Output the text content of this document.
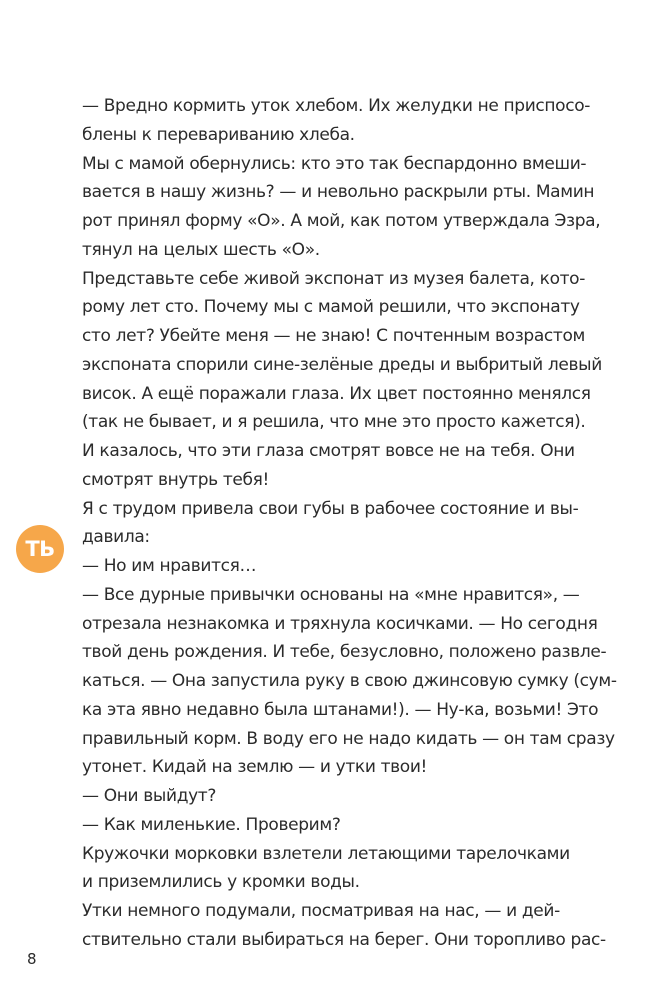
— Вредно кормить уток хлебом. Их желудки не приспосо-
блены к перевариванию хлеба.
Мы с мамой обернулись: кто это так беспардонно вмеши-
вается в нашу жизнь? — и невольно раскрыли рты. Мамин
рот принял форму «О». А мой, как потом утверждала Эзра,
тянул на целых шесть «О».
Представьте себе живой экспонат из музея балета, кото-
рому лет сто. Почему мы с мамой решили, что экспонату
сто лет? Убейте меня — не знаю! С почтенным возрастом
экспоната спорили сине-зелёные дреды и выбритый левый
висок. А ещё поражали глаза. Их цвет постоянно менялся
(так не бывает, и я решила, что мне это просто кажется).
И казалось, что эти глаза смотрят вовсе не на тебя. Они
смотрят внутрь тебя!
Я с трудом привела свои губы в рабочее состояние и вы-
давила:
— Но им нравится…
— Все дурные привычки основаны на «мне нравится», —
отрезала незнакомка и тряхнула косичками. — Но сегодня
твой день рождения. И тебе, безусловно, положено развле-
каться. — Она запустила руку в свою джинсовую сумку (сум-
ка эта явно недавно была штанами!). — Ну-ка, возьми! Это
правильный корм. В воду его не надо кидать — он там сразу
утонет. Кидай на землю — и утки твои!
— Они выйдут?
— Как миленькие. Проверим?
Кружочки морковки взлетели летающими тарелочками
и приземлились у кромки воды.
Утки немного подумали, посматривая на нас, — и дей-
ствительно стали выбираться на берег. Они торопливо рас-
ТЬ
8
